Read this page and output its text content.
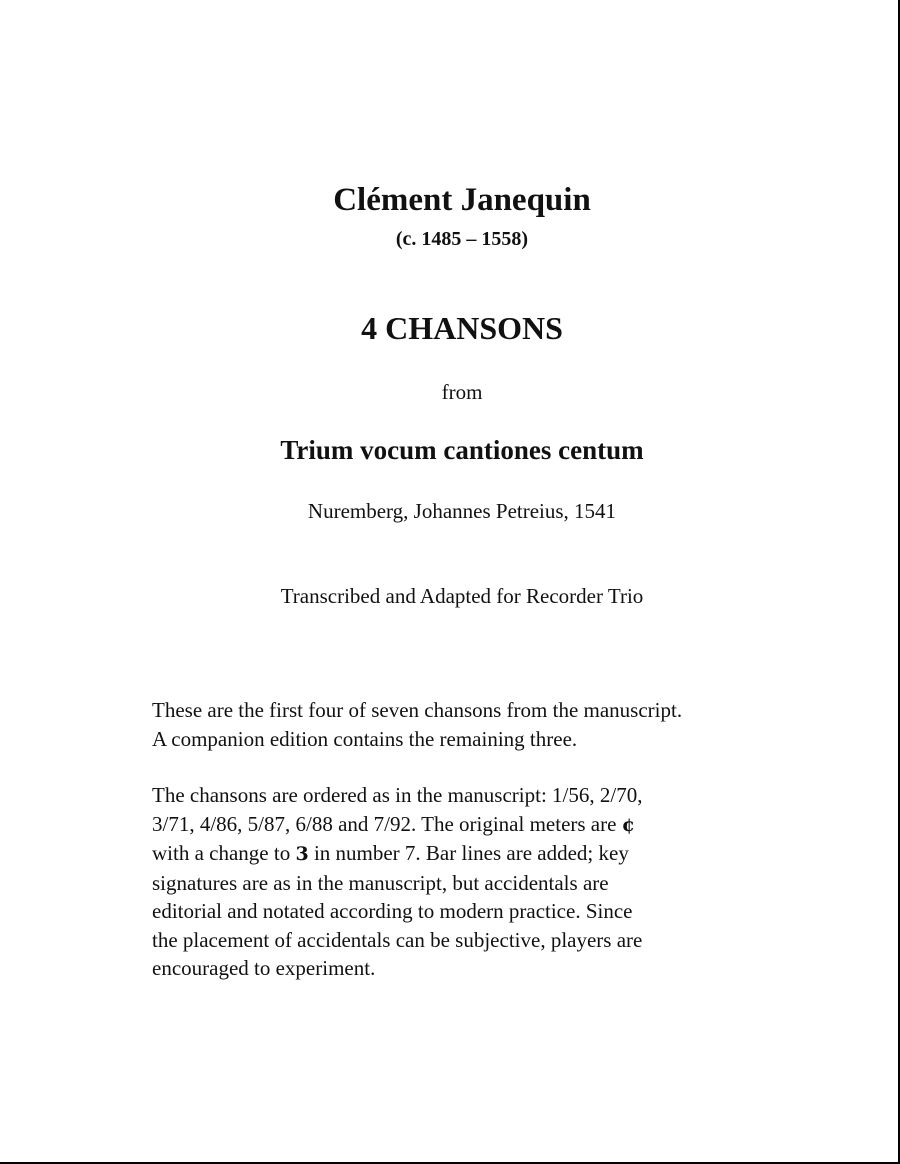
Clément Janequin
(c. 1485 – 1558)
4 CHANSONS
from
Trium vocum cantiones centum
Nuremberg, Johannes Petreius, 1541
Transcribed and Adapted for Recorder Trio
These are the first four of seven chansons from the manuscript.
A companion edition contains the remaining three.
The chansons are ordered as in the manuscript: 1/56, 2/70,
3/71, 4/86, 5/87, 6/88 and 7/92. The original meters are ¢
with a change to 3 in number 7. Bar lines are added; key
signatures are as in the manuscript, but accidentals are
editorial and notated according to modern practice. Since
the placement of accidentals can be subjective, players are
encouraged to experiment.
